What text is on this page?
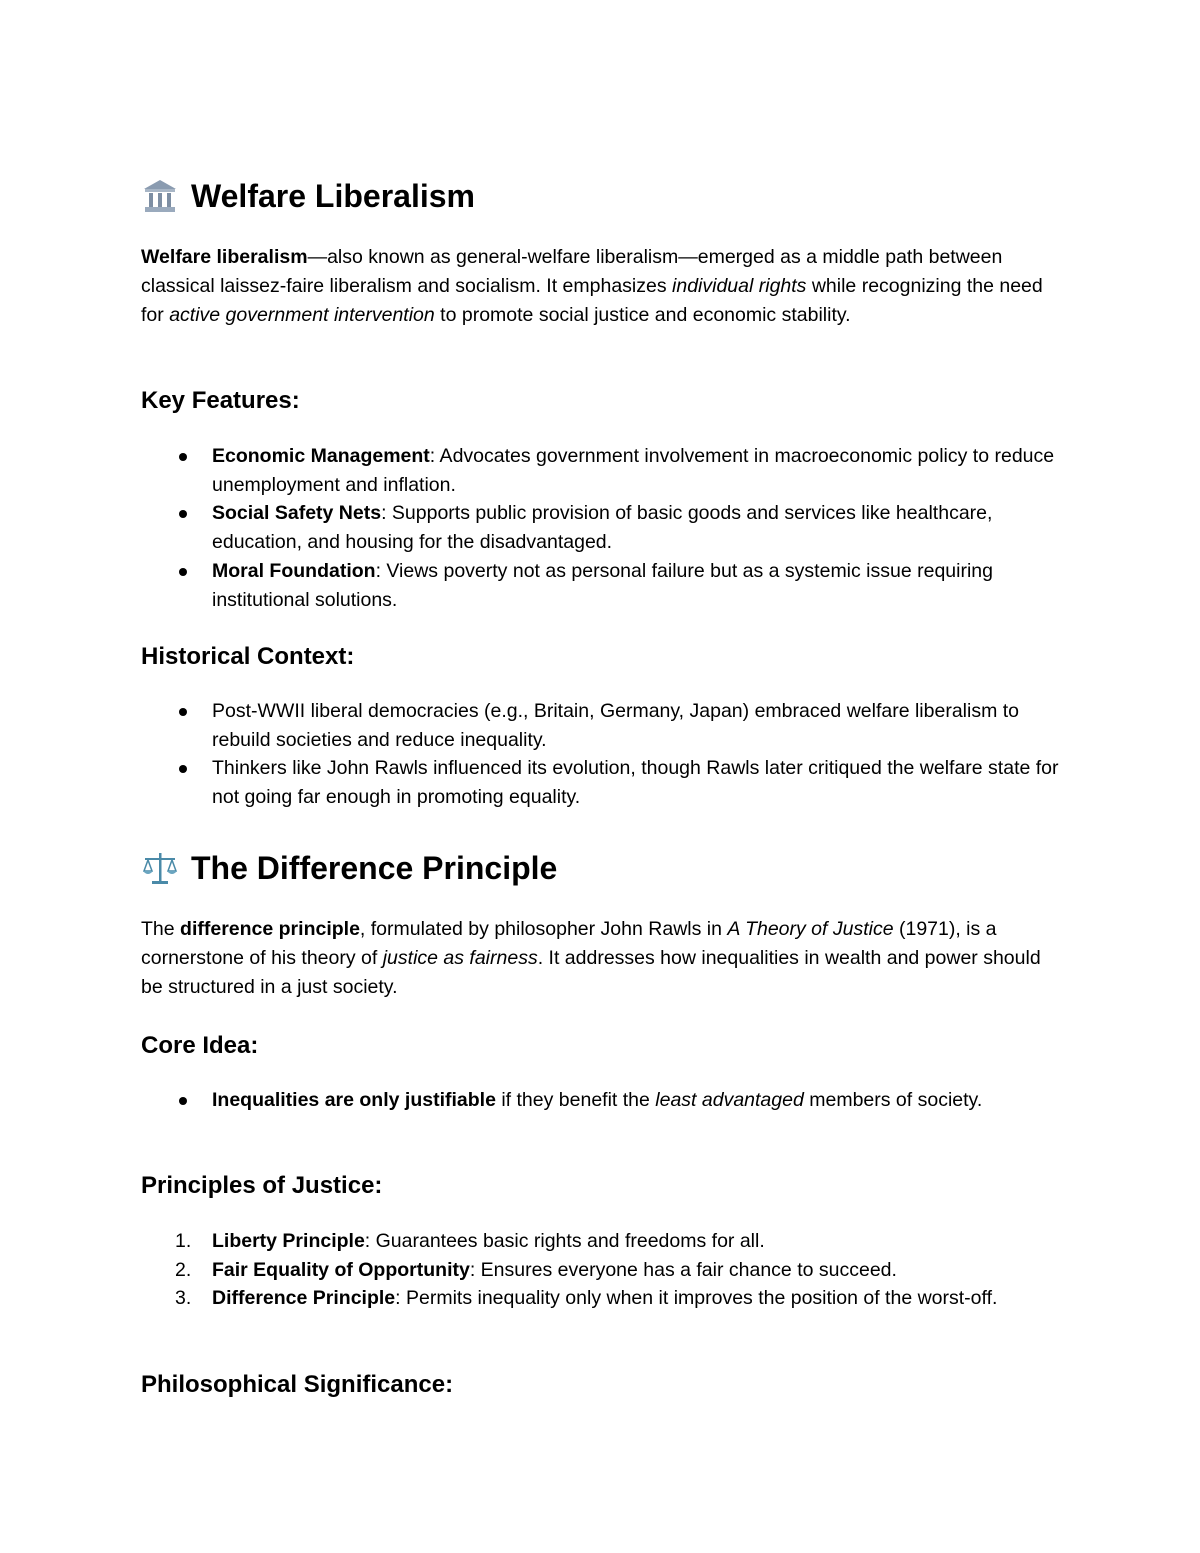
Welfare Liberalism
Welfare liberalism—also known as general-welfare liberalism—emerged as a middle path between classical laissez-faire liberalism and socialism. It emphasizes individual rights while recognizing the need for active government intervention to promote social justice and economic stability.
Key Features:
Economic Management: Advocates government involvement in macroeconomic policy to reduce unemployment and inflation.
Social Safety Nets: Supports public provision of basic goods and services like healthcare, education, and housing for the disadvantaged.
Moral Foundation: Views poverty not as personal failure but as a systemic issue requiring institutional solutions.
Historical Context:
Post-WWII liberal democracies (e.g., Britain, Germany, Japan) embraced welfare liberalism to rebuild societies and reduce inequality.
Thinkers like John Rawls influenced its evolution, though Rawls later critiqued the welfare state for not going far enough in promoting equality.
The Difference Principle
The difference principle, formulated by philosopher John Rawls in A Theory of Justice (1971), is a cornerstone of his theory of justice as fairness. It addresses how inequalities in wealth and power should be structured in a just society.
Core Idea:
Inequalities are only justifiable if they benefit the least advantaged members of society.
Principles of Justice:
1. Liberty Principle: Guarantees basic rights and freedoms for all.
2. Fair Equality of Opportunity: Ensures everyone has a fair chance to succeed.
3. Difference Principle: Permits inequality only when it improves the position of the worst-off.
Philosophical Significance:
